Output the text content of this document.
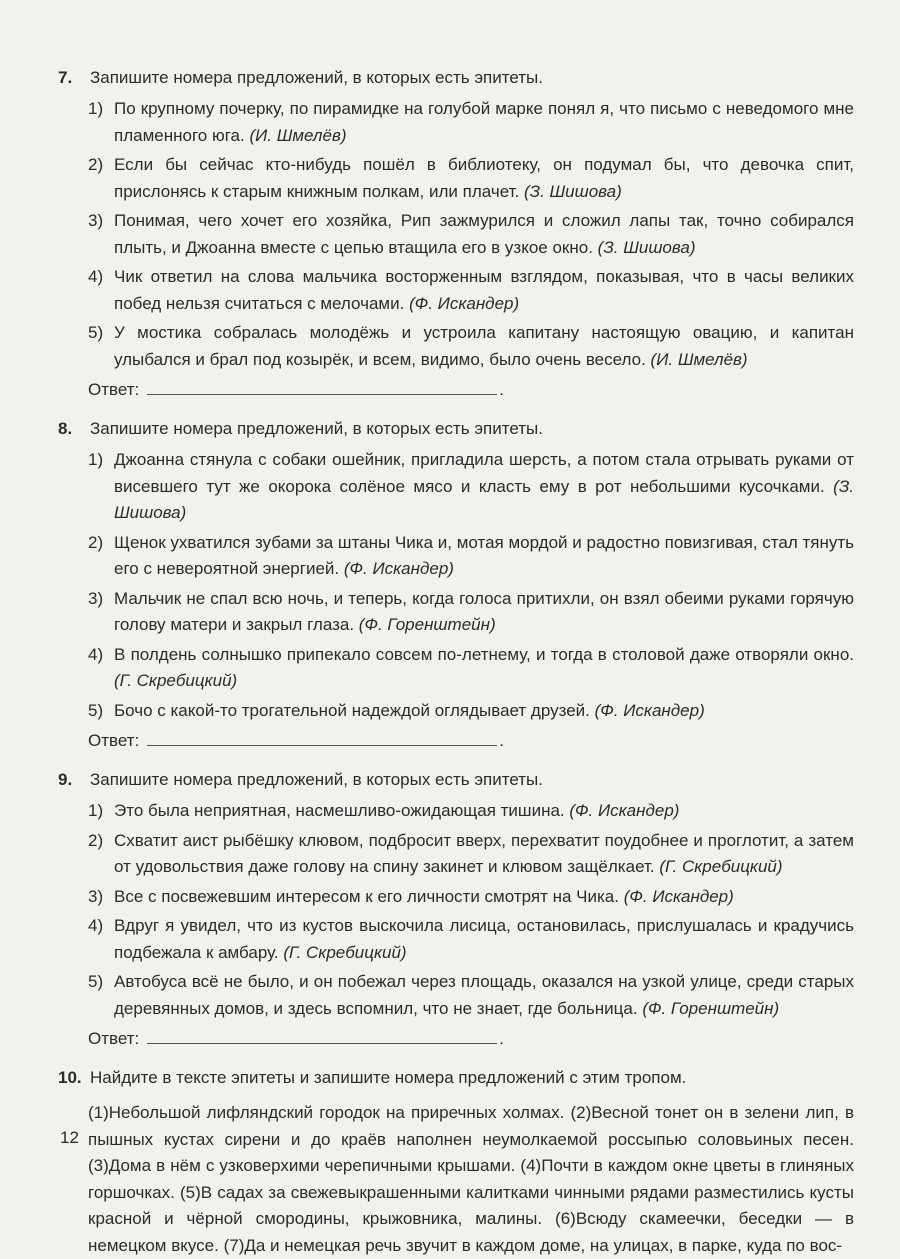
7.	Запишите номера предложений, в которых есть эпитеты.
1) По крупному почерку, по пирамидке на голубой марке понял я, что письмо с неведомого мне пламенного юга. (И. Шмелёв)
2) Если бы сейчас кто-нибудь пошёл в библиотеку, он подумал бы, что девочка спит, прислонясь к старым книжным полкам, или плачет. (З. Шишова)
3) Понимая, чего хочет его хозяйка, Рип зажмурился и сложил лапы так, точно собирался плыть, и Джоанна вместе с цепью втащила его в узкое окно. (З. Шишова)
4) Чик ответил на слова мальчика восторженным взглядом, показывая, что в часы великих побед нельзя считаться с мелочами. (Ф. Искандер)
5) У мостика собралась молодёжь и устроила капитану настоящую овацию, и капитан улыбался и брал под козырёк, и всем, видимо, было очень весело. (И. Шмелёв)
Ответ:	.
8.	Запишите номера предложений, в которых есть эпитеты.
1) Джоанна стянула с собаки ошейник, пригладила шерсть, а потом стала отрывать руками от висевшего тут же окорока солёное мясо и класть ему в рот небольшими кусочками. (З. Шишова)
2) Щенок ухватился зубами за штаны Чика и, мотая мордой и радостно повизгивая, стал тянуть его с невероятной энергией. (Ф. Искандер)
3) Мальчик не спал всю ночь, и теперь, когда голоса притихли, он взял обеими руками горячую голову матери и закрыл глаза. (Ф. Горенштейн)
4) В полдень солнышко припекало совсем по-летнему, и тогда в столовой даже отворяли окно. (Г. Скребицкий)
5) Бочо с какой-то трогательной надеждой оглядывает друзей. (Ф. Искандер)
Ответ:	.
9.	Запишите номера предложений, в которых есть эпитеты.
1) Это была неприятная, насмешливо-ожидающая тишина. (Ф. Искандер)
2) Схватит аист рыбёшку клювом, подбросит вверх, перехватит поудобнее и проглотит, а затем от удовольствия даже голову на спину закинет и клювом защёлкает. (Г. Скребицкий)
3) Все с посвежевшим интересом к его личности смотрят на Чика. (Ф. Искандер)
4) Вдруг я увидел, что из кустов выскочила лисица, остановилась, прислушалась и крадучись подбежала к амбару. (Г. Скребицкий)
5) Автобуса всё не было, и он побежал через площадь, оказался на узкой улице, среди старых деревянных домов, и здесь вспомнил, что не знает, где больница. (Ф. Горенштейн)
Ответ:	.
10. Найдите в тексте эпитеты и запишите номера предложений с этим тропом.
(1)Небольшой лифляндский городок на приречных холмах. (2)Весной тонет он в зелени лип, в пышных кустах сирени и до краёв наполнен неумолкаемой россыпью соловьиных песен. (3)Дома в нём с узковерхими черепичными крышами. (4)Почти в каждом окне цветы в глиняных горшочках. (5)В садах за свежевыкрашенными калитками чинными рядами разместились кусты красной и чёрной смородины, крыжовника, малины. (6)Всюду скамеечки, беседки — в немецком вкусе. (7)Да и немецкая речь звучит в каждом доме, на улицах, в парке, куда по вос-
12
